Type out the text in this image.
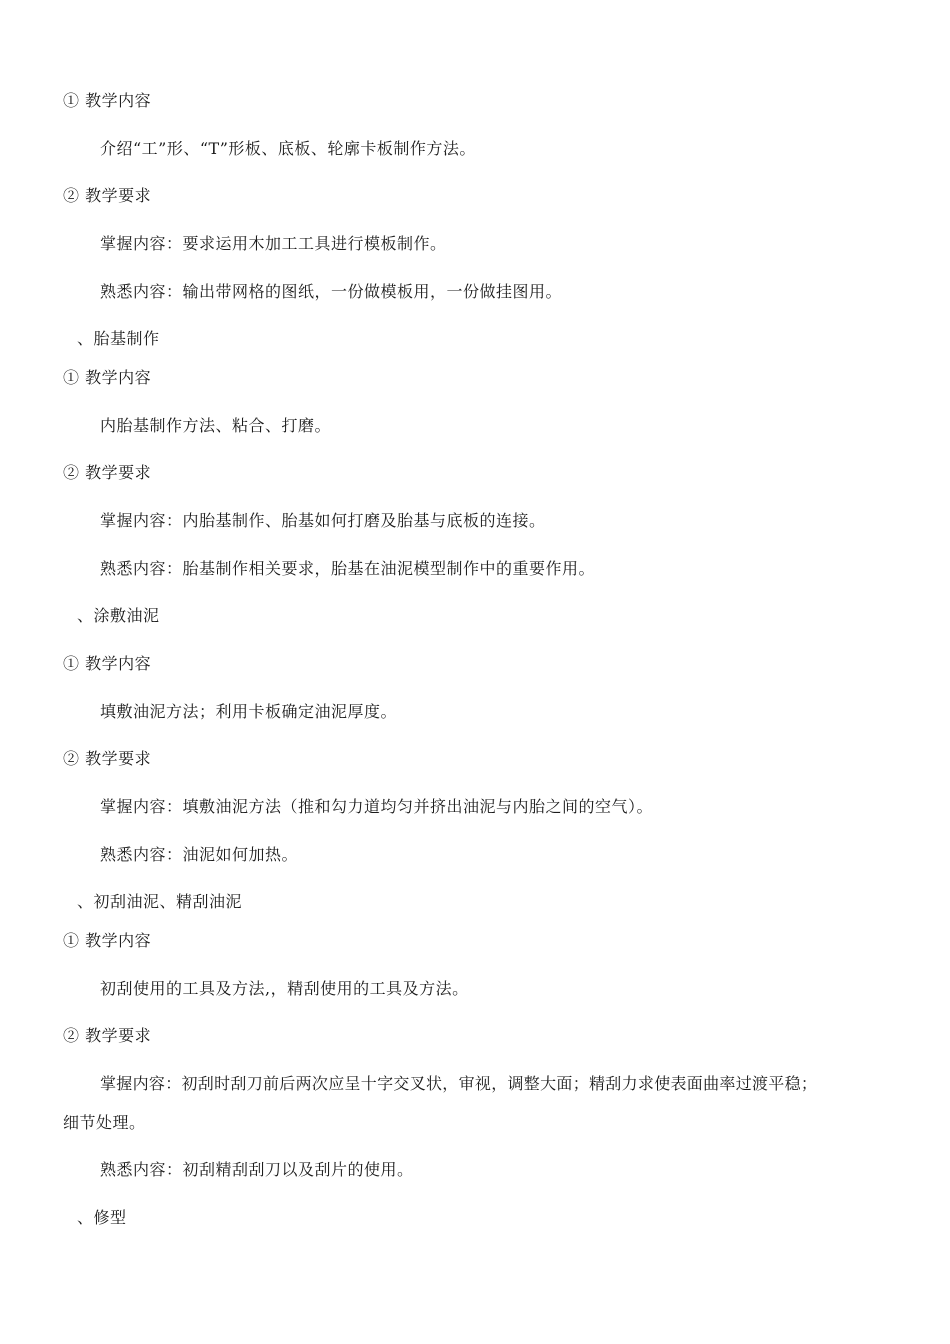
① 教学内容
介绍“工”形、“T”形板、底板、轮廓卡板制作方法。
② 教学要求
掌握内容：要求运用木加工工具进行模板制作。
熟悉内容：输出带网格的图纸，一份做模板用，一份做挂图用。
、胎基制作
① 教学内容
内胎基制作方法、粘合、打磨。
② 教学要求
掌握内容：内胎基制作、胎基如何打磨及胎基与底板的连接。
熟悉内容：胎基制作相关要求，胎基在油泥模型制作中的重要作用。
、涂敷油泥
① 教学内容
填敷油泥方法；利用卡板确定油泥厚度。
② 教学要求
掌握内容：填敷油泥方法（推和勾力道均匀并挤出油泥与内胎之间的空气）。
熟悉内容：油泥如何加热。
、初刮油泥、精刮油泥
① 教学内容
初刮使用的工具及方法,，精刮使用的工具及方法。
② 教学要求
掌握内容：初刮时刮刀前后两次应呈十字交叉状，审视，调整大面；精刮力求使表面曲率过渡平稳；
细节处理。
熟悉内容：初刮精刮刮刀以及刮片的使用。
、修型
